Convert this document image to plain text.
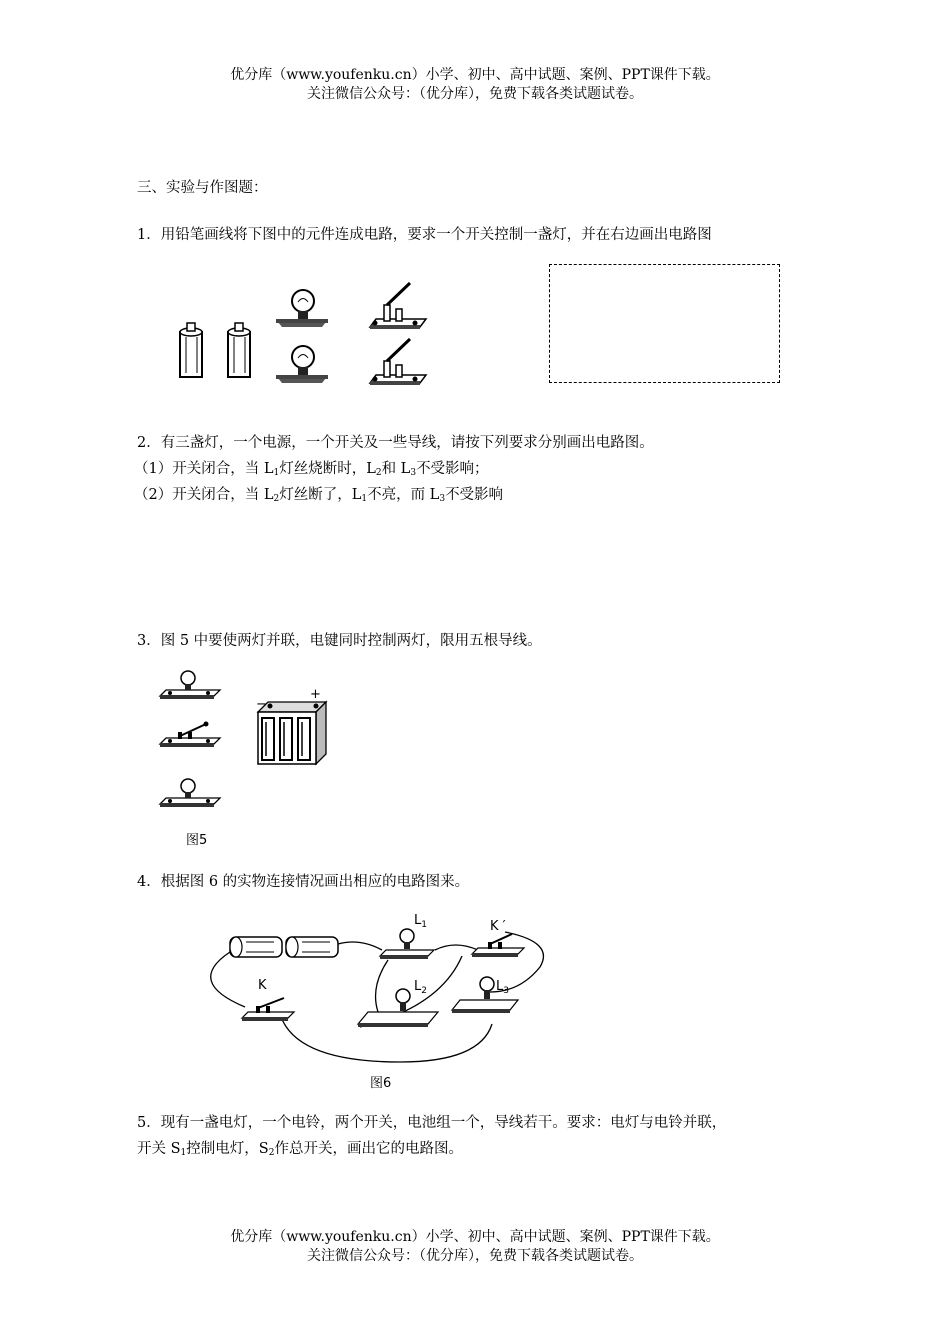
优分库（www.youfenku.cn）小学、初中、高中试题、案例、PPT课件下载。
关注微信公众号：（优分库），免费下载各类试题试卷。
三、实验与作图题：
1．用铅笔画线将下图中的元件连成电路，要求一个开关控制一盏灯，并在右边画出电路图
2．有三盏灯，一个电源，一个开关及一些导线，请按下列要求分别画出电路图。
（1）开关闭合，当 $L_1$灯丝烧断时，$L_2$和 $L_3$不受影响；
（2）开关闭合，当 $L_2$灯丝断了，$L_1$不亮，而 $L_3$不受影响
3．图 5 中要使两灯并联，电键同时控制两灯，限用五根导线。
−
+
图5
4．根据图 6 的实物连接情况画出相应的电路图来。
$L_1$	K ′
K	$L_2$	$L_3$
图6
5．现有一盏电灯，一个电铃，两个开关，电池组一个，导线若干。要求：电灯与电铃并联，
开关 $S_1$控制电灯，$S_2$作总开关，画出它的电路图。
优分库（www.youfenku.cn）小学、初中、高中试题、案例、PPT课件下载。
关注微信公众号：（优分库），免费下载各类试题试卷。
